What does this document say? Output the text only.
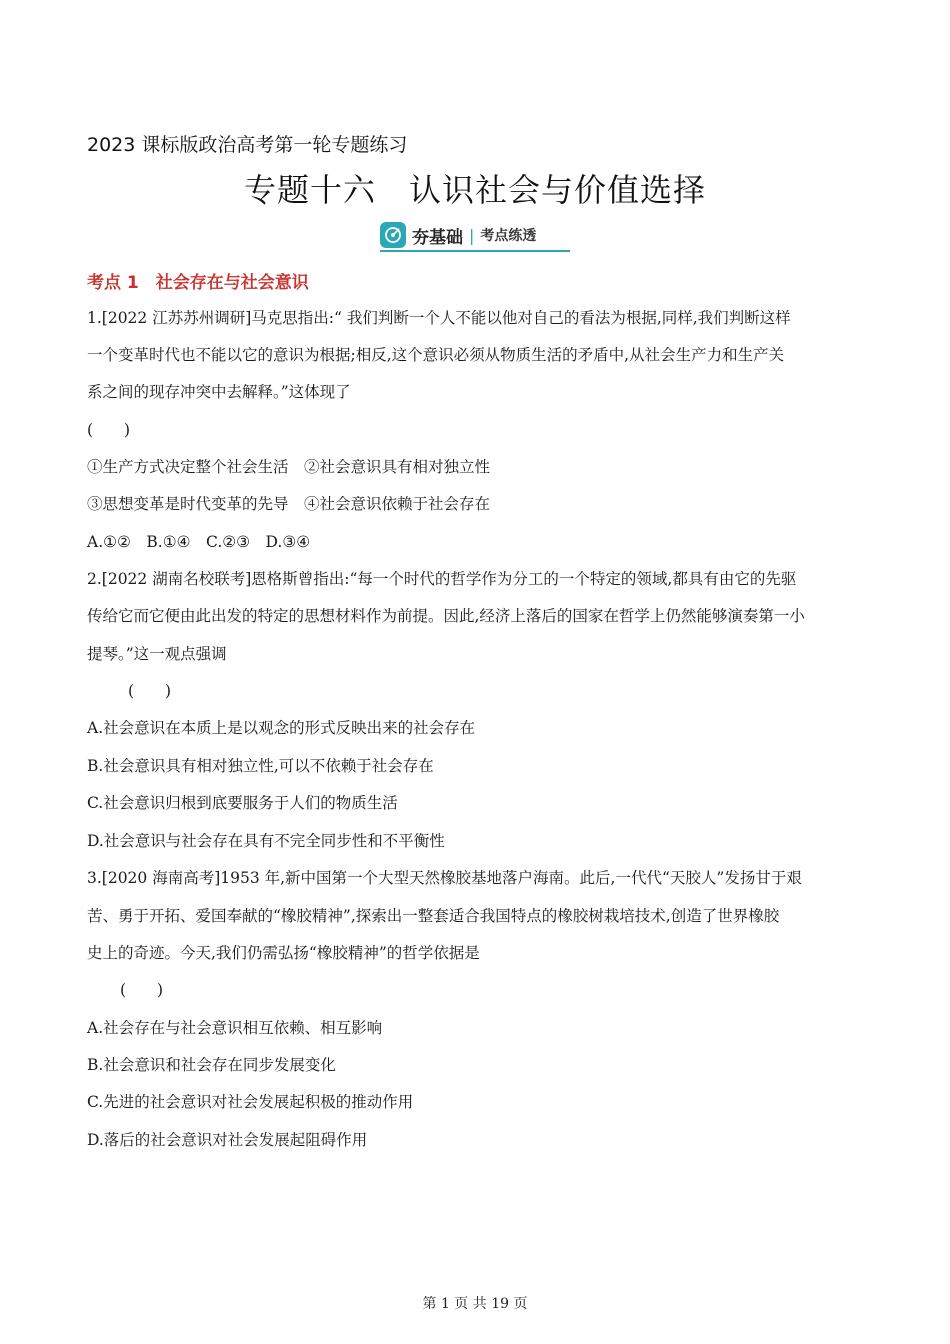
2023 课标版政治高考第一轮专题练习
专题十六　认识社会与价值选择
夯基础 | 考点练透
考点 1　社会存在与社会意识
1.[2022 江苏苏州调研]马克思指出:“ 我们判断一个人不能以他对自己的看法为根据,同样,我们判断这样
一个变革时代也不能以它的意识为根据;相反,这个意识必须从物质生活的矛盾中,从社会生产力和生产关
系之间的现存冲突中去解释。”这体现了
(　　)
①生产方式决定整个社会生活　②社会意识具有相对独立性
③思想变革是时代变革的先导　④社会意识依赖于社会存在
A.①②　B.①④　C.②③　D.③④
2.[2022 湖南名校联考]恩格斯曾指出:“每一个时代的哲学作为分工的一个特定的领域,都具有由它的先驱
传给它而它便由此出发的特定的思想材料作为前提。因此,经济上落后的国家在哲学上仍然能够演奏第一小
提琴。”这一观点强调
(　　)
A.社会意识在本质上是以观念的形式反映出来的社会存在
B.社会意识具有相对独立性,可以不依赖于社会存在
C.社会意识归根到底要服务于人们的物质生活
D.社会意识与社会存在具有不完全同步性和不平衡性
3.[2020 海南高考]1953 年,新中国第一个大型天然橡胶基地落户海南。此后,一代代“天胶人”发扬甘于艰
苦、勇于开拓、爱国奉献的“橡胶精神”,探索出一整套适合我国特点的橡胶树栽培技术,创造了世界橡胶
史上的奇迹。今天,我们仍需弘扬“橡胶精神”的哲学依据是
(　　)
A.社会存在与社会意识相互依赖、相互影响
B.社会意识和社会存在同步发展变化
C.先进的社会意识对社会发展起积极的推动作用
D.落后的社会意识对社会发展起阻碍作用
第 1 页 共 19 页
